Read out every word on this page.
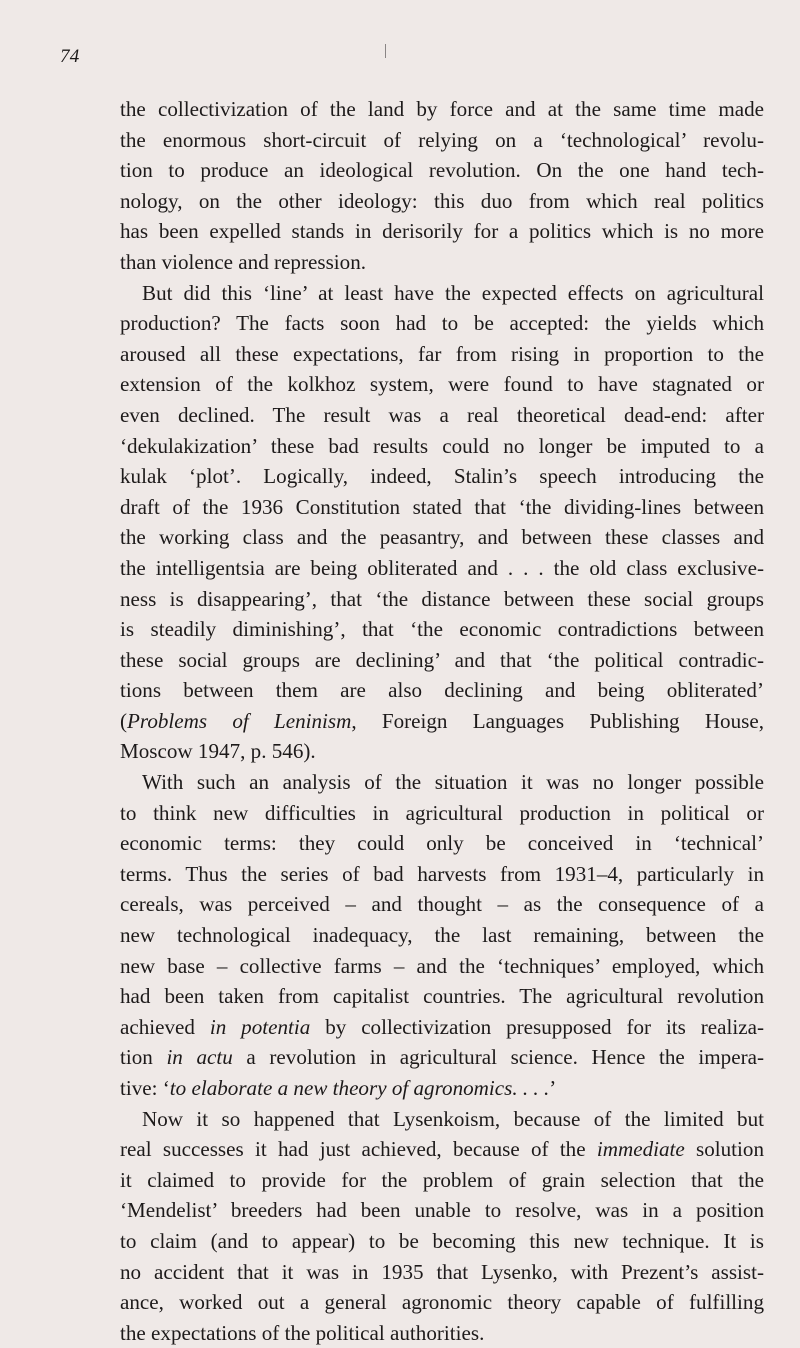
74
the collectivization of the land by force and at the same time made
the enormous short-circuit of relying on a ‘technological’ revolu-
tion to produce an ideological revolution. On the one hand tech-
nology, on the other ideology: this duo from which real politics
has been expelled stands in derisorily for a politics which is no more
than violence and repression.
But did this ‘line’ at least have the expected effects on agricultural
production? The facts soon had to be accepted: the yields which
aroused all these expectations, far from rising in proportion to the
extension of the kolkhoz system, were found to have stagnated or
even declined. The result was a real theoretical dead-end: after
‘dekulakization’ these bad results could no longer be imputed to a
kulak ‘plot’. Logically, indeed, Stalin’s speech introducing the
draft of the 1936 Constitution stated that ‘the dividing-lines between
the working class and the peasantry, and between these classes and
the intelligentsia are being obliterated and . . . the old class exclusive-
ness is disappearing’, that ‘the distance between these social groups
is steadily diminishing’, that ‘the economic contradictions between
these social groups are declining’ and that ‘the political contradic-
tions between them are also declining and being obliterated’
(Problems of Leninism, Foreign Languages Publishing House,
Moscow 1947, p. 546).
With such an analysis of the situation it was no longer possible
to think new difficulties in agricultural production in political or
economic terms: they could only be conceived in ‘technical’
terms. Thus the series of bad harvests from 1931–4, particularly in
cereals, was perceived – and thought – as the consequence of a
new technological inadequacy, the last remaining, between the
new base – collective farms – and the ‘techniques’ employed, which
had been taken from capitalist countries. The agricultural revolution
achieved in potentia by collectivization presupposed for its realiza-
tion in actu a revolution in agricultural science. Hence the impera-
tive: ‘to elaborate a new theory of agronomics. . . .’
Now it so happened that Lysenkoism, because of the limited but
real successes it had just achieved, because of the immediate solution
it claimed to provide for the problem of grain selection that the
‘Mendelist’ breeders had been unable to resolve, was in a position
to claim (and to appear) to be becoming this new technique. It is
no accident that it was in 1935 that Lysenko, with Prezent’s assist-
ance, worked out a general agronomic theory capable of fulfilling
the expectations of the political authorities.
